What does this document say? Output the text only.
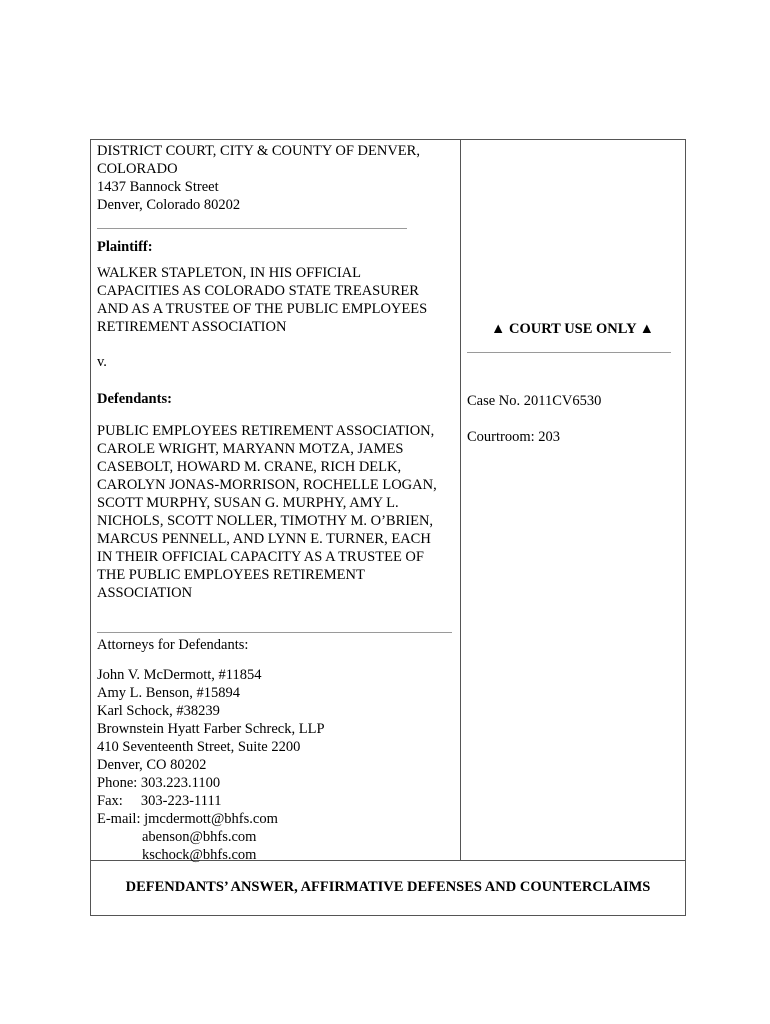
DISTRICT COURT, CITY & COUNTY OF DENVER,
COLORADO
1437 Bannock Street
Denver, Colorado 80202
Plaintiff:
WALKER STAPLETON, IN HIS OFFICIAL
CAPACITIES AS COLORADO STATE TREASURER
AND AS A TRUSTEE OF THE PUBLIC EMPLOYEES
RETIREMENT ASSOCIATION
v.
Defendants:
PUBLIC EMPLOYEES RETIREMENT ASSOCIATION,
CAROLE WRIGHT, MARYANN MOTZA, JAMES
CASEBOLT, HOWARD M. CRANE, RICH DELK,
CAROLYN JONAS-MORRISON, ROCHELLE LOGAN,
SCOTT MURPHY, SUSAN G. MURPHY, AMY L.
NICHOLS, SCOTT NOLLER, TIMOTHY M. O’BRIEN,
MARCUS PENNELL, AND LYNN E. TURNER, EACH
IN THEIR OFFICIAL CAPACITY AS A TRUSTEE OF
THE PUBLIC EMPLOYEES RETIREMENT
ASSOCIATION
Attorneys for Defendants:
John V. McDermott, #11854
Amy L. Benson, #15894
Karl Schock, #38239
Brownstein Hyatt Farber Schreck, LLP
410 Seventeenth Street, Suite 2200
Denver, CO 80202
Phone: 303.223.1100
Fax:     303-223-1111
E-mail: jmcdermott@bhfs.com
abenson@bhfs.com
kschock@bhfs.com
▲ COURT USE ONLY ▲
Case No. 2011CV6530
Courtroom: 203
DEFENDANTS’ ANSWER, AFFIRMATIVE DEFENSES AND COUNTERCLAIMS
